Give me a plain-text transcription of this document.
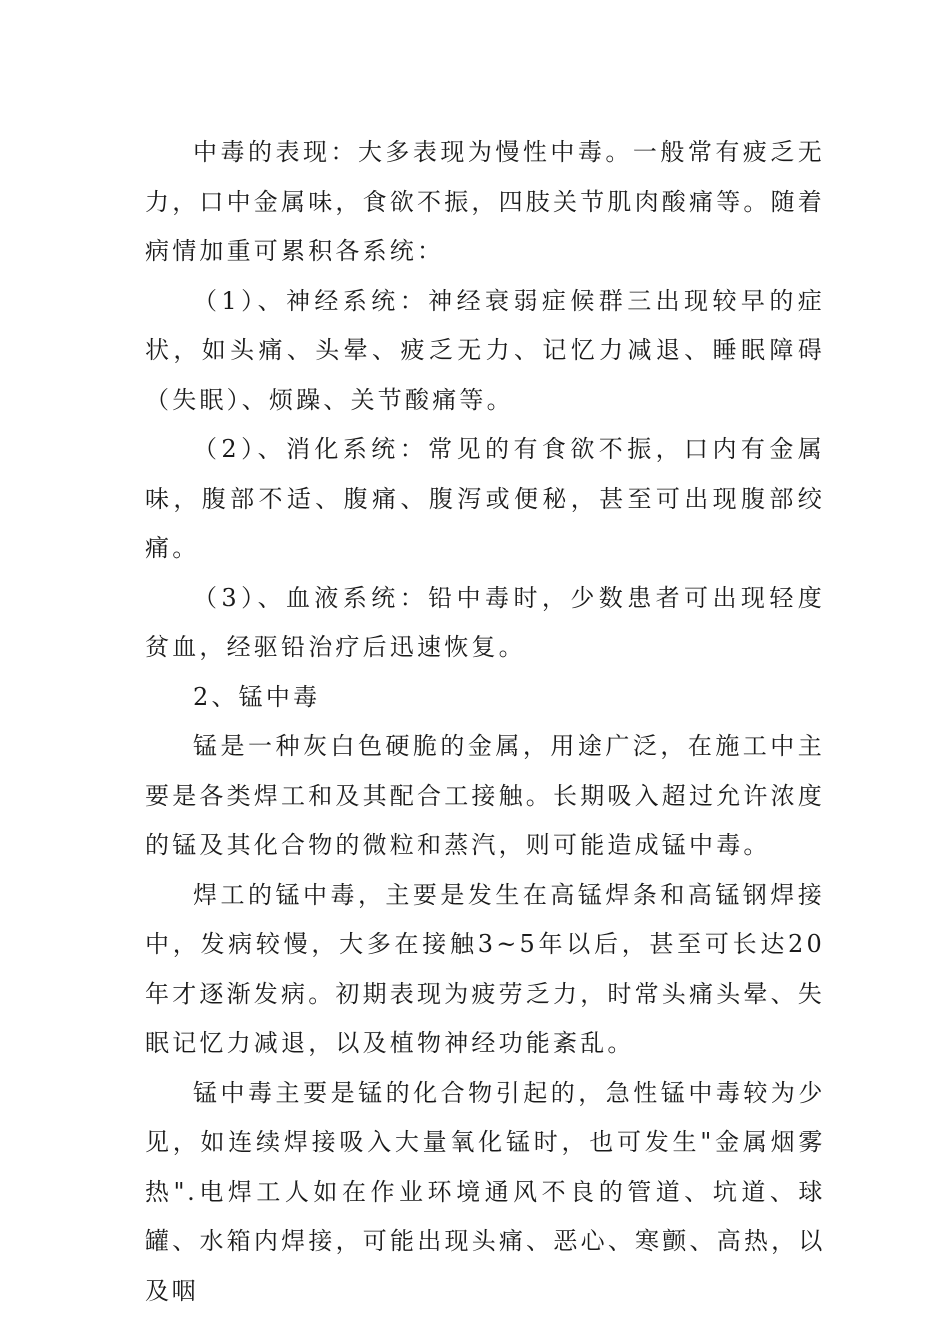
中毒的表现：大多表现为慢性中毒。一般常有疲乏无力，口中金属味，食欲不振，四肢关节肌肉酸痛等。随着病情加重可累积各系统：

（1）、神经系统：神经衰弱症候群三出现较早的症状，如头痛、头晕、疲乏无力、记忆力减退、睡眠障碍（失眠）、烦躁、关节酸痛等。

（2）、消化系统：常见的有食欲不振，口内有金属味，腹部不适、腹痛、腹泻或便秘，甚至可出现腹部绞痛。

（3）、血液系统：铅中毒时，少数患者可出现轻度贫血，经驱铅治疗后迅速恢复。

2、锰中毒

锰是一种灰白色硬脆的金属，用途广泛，在施工中主要是各类焊工和及其配合工接触。长期吸入超过允许浓度的锰及其化合物的微粒和蒸汽，则可能造成锰中毒。

焊工的锰中毒，主要是发生在高锰焊条和高锰钢焊接中，发病较慢，大多在接触3~5年以后，甚至可长达20年才逐渐发病。初期表现为疲劳乏力，时常头痛头晕、失眠记忆力减退，以及植物神经功能紊乱。

锰中毒主要是锰的化合物引起的，急性锰中毒较为少见，如连续焊接吸入大量氧化锰时，也可发生"金属烟雾热".电焊工人如在作业环境通风不良的管道、坑道、球罐、水箱内焊接，可能出现头痛、恶心、寒颤、高热，以及咽
